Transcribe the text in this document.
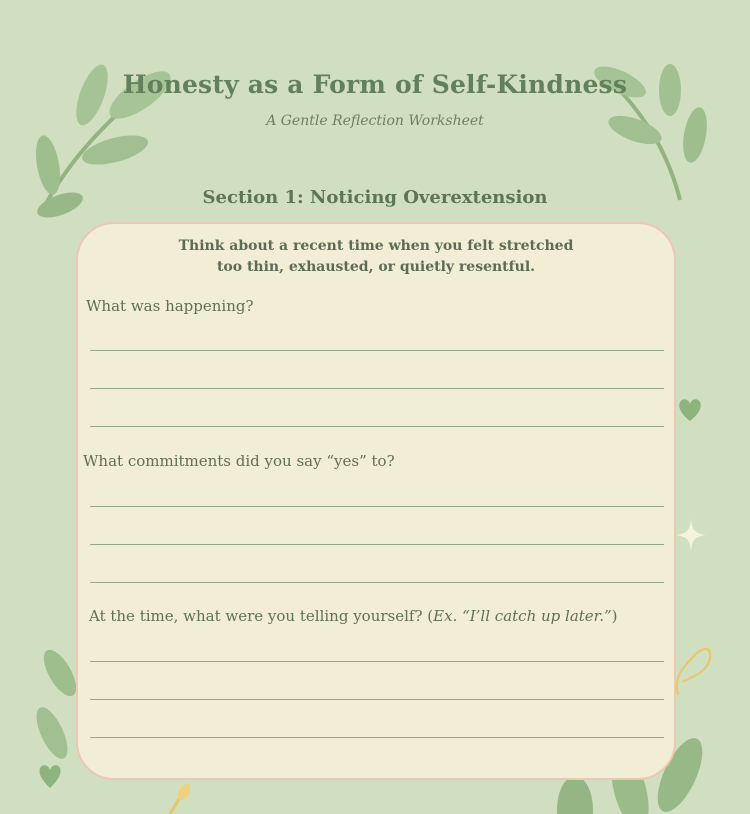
Honesty as a Form of Self-Kindness
A Gentle Reflection Worksheet
Section 1: Noticing Overextension
Think about a recent time when you felt stretched
too thin, exhausted, or quietly resentful.
What was happening?
What commitments did you say “yes” to?
At the time, what were you telling yourself? (Ex. “I’ll catch up later.”)
